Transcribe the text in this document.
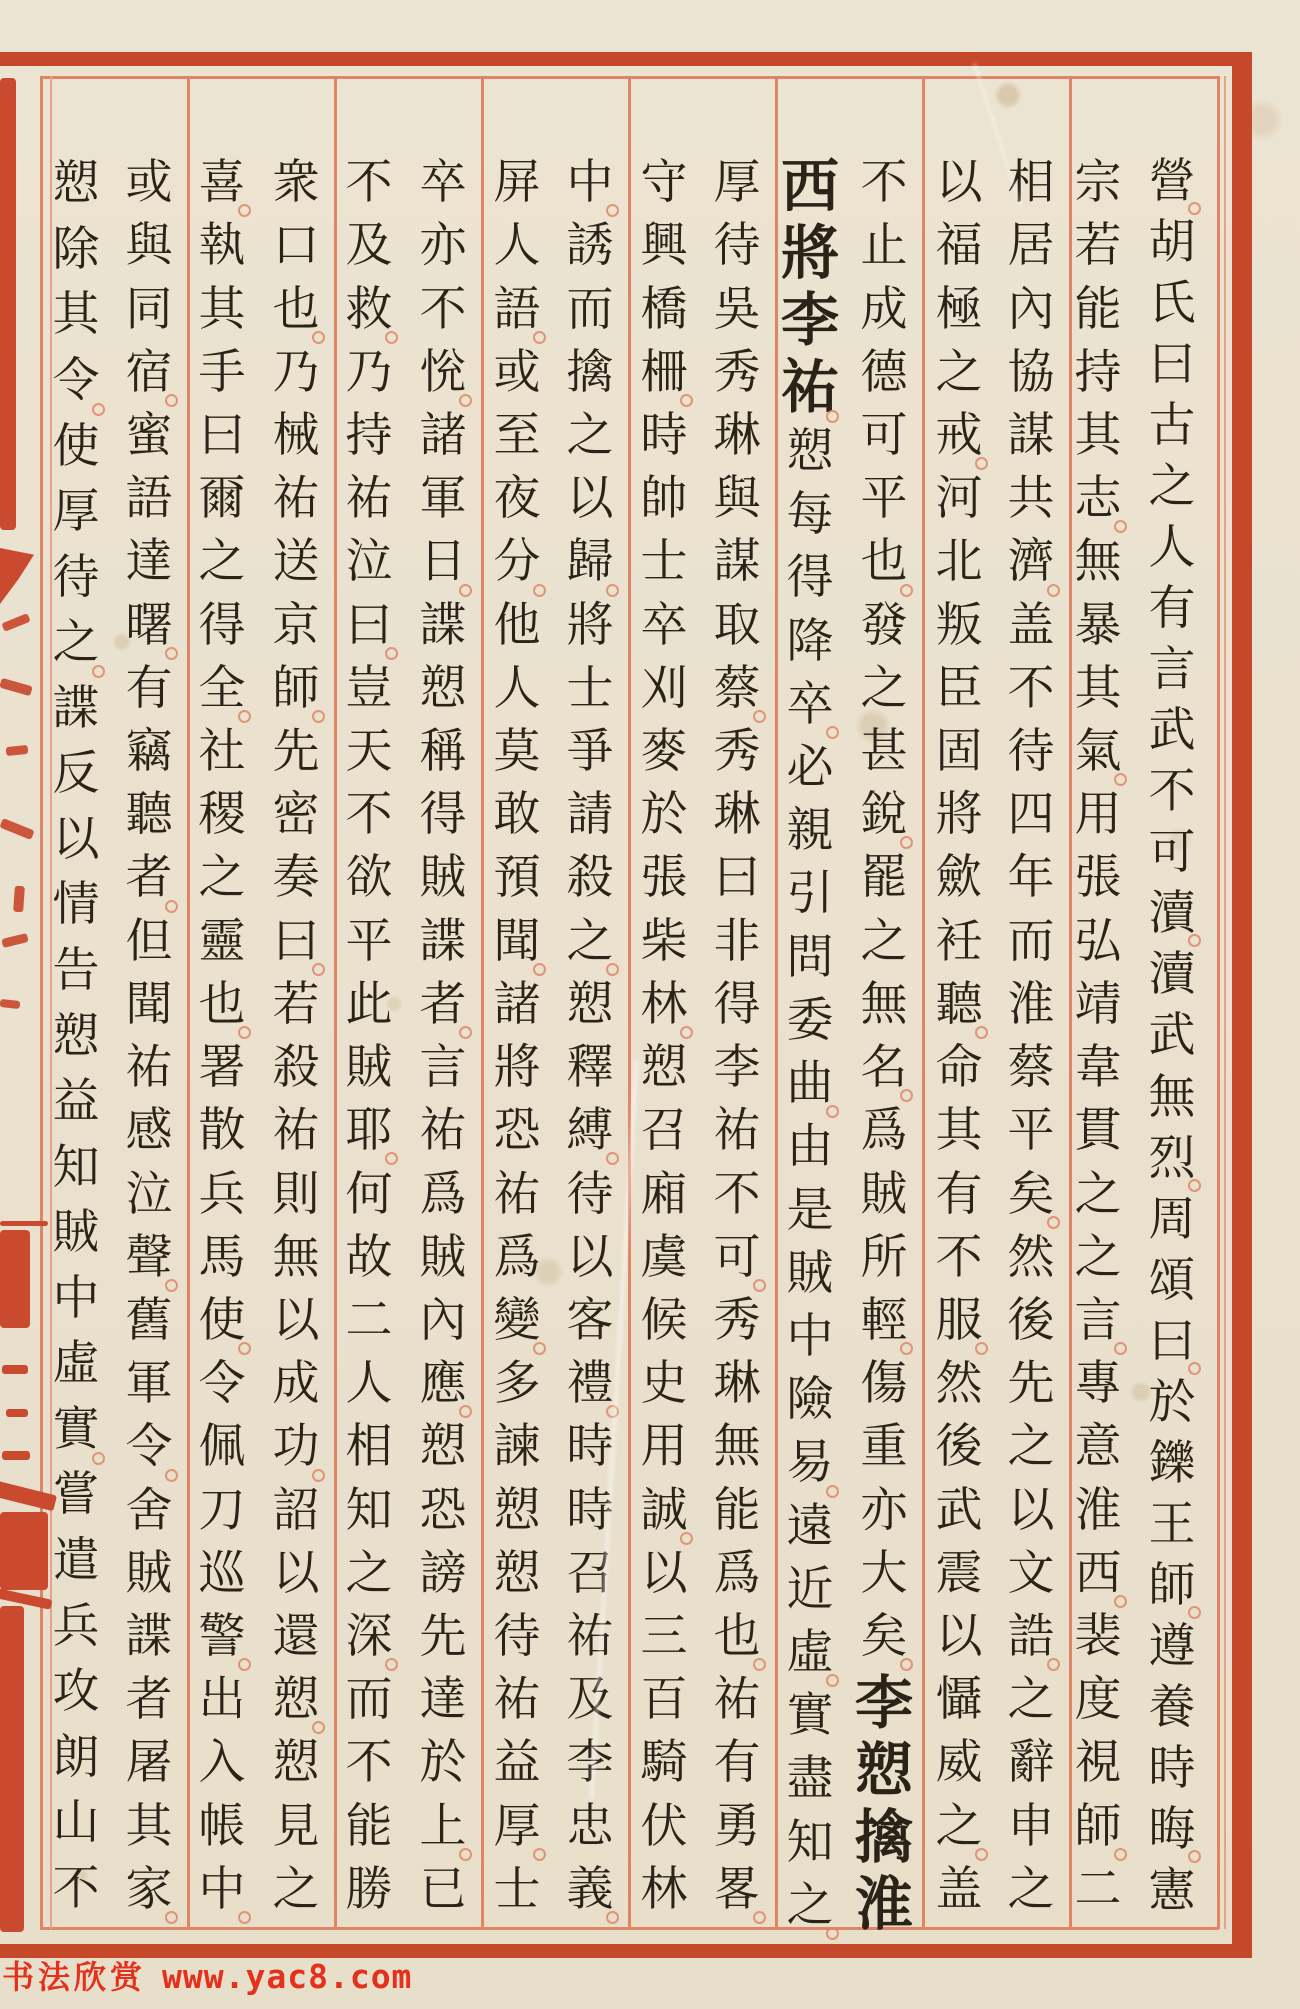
營
胡
氏
曰
古
之
人
有
言
武
不
可
瀆
瀆
武
無
烈
周
頌
曰
於
鑠
王
師
遵
養
時
晦
憲
宗
若
能
持
其
志
無
暴
其
氣
用
張
弘
靖
韋
貫
之
之
言
專
意
淮
西
裴
度
視
師
二
相
居
內
協
謀
共
濟
盖
不
待
四
年
而
淮
蔡
平
矣
然
後
先
之
以
文
誥
之
辭
申
之
以
福
極
之
戒
河
北
叛
臣
固
將
歛
衽
聽
命
其
有
不
服
然
後
武
震
以
懾
威
之
盖
不
止
成
德
可
平
也
發
之
甚
銳
罷
之
無
名
爲
賊
所
輕
傷
重
亦
大
矣
李
愬
擒
淮
西
將
李
祐
愬
每
得
降
卒
必
親
引
問
委
曲
由
是
賊
中
險
易
遠
近
虛
實
盡
知
之
厚
待
吳
秀
琳
與
謀
取
蔡
秀
琳
曰
非
得
李
祐
不
可
秀
琳
無
能
爲
也
祐
有
勇
畧
守
興
橋
柵
時
帥
士
卒
刈
麥
於
張
柴
林
愬
召
廂
虞
候
史
用
誠
以
三
百
騎
伏
林
中
誘
而
擒
之
以
歸
將
士
爭
請
殺
之
愬
釋
縛
待
以
客
禮
時
時
召
祐
及
李
忠
義
屏
人
語
或
至
夜
分
他
人
莫
敢
預
聞
諸
將
恐
祐
爲
變
多
諫
愬
愬
待
祐
益
厚
士
卒
亦
不
恱
諸
軍
日
諜
愬
稱
得
賊
諜
者
言
祐
爲
賊
內
應
愬
恐
謗
先
達
於
上
已
不
及
救
乃
持
祐
泣
曰
豈
天
不
欲
平
此
賊
耶
何
故
二
人
相
知
之
深
而
不
能
勝
衆
口
也
乃
械
祐
送
京
師
先
密
奏
曰
若
殺
祐
則
無
以
成
功
詔
以
還
愬
愬
見
之
喜
執
其
手
曰
爾
之
得
全
社
稷
之
靈
也
署
散
兵
馬
使
令
佩
刀
巡
警
出
入
帳
中
或
與
同
宿
蜜
語
達
曙
有
竊
聽
者
但
聞
祐
感
泣
聲
舊
軍
令
舍
賊
諜
者
屠
其
家
愬
除
其
令
使
厚
待
之
諜
反
以
情
告
愬
益
知
賊
中
虛
實
嘗
遣
兵
攻
朗
山
不
书法欣赏 www.yac8.com
